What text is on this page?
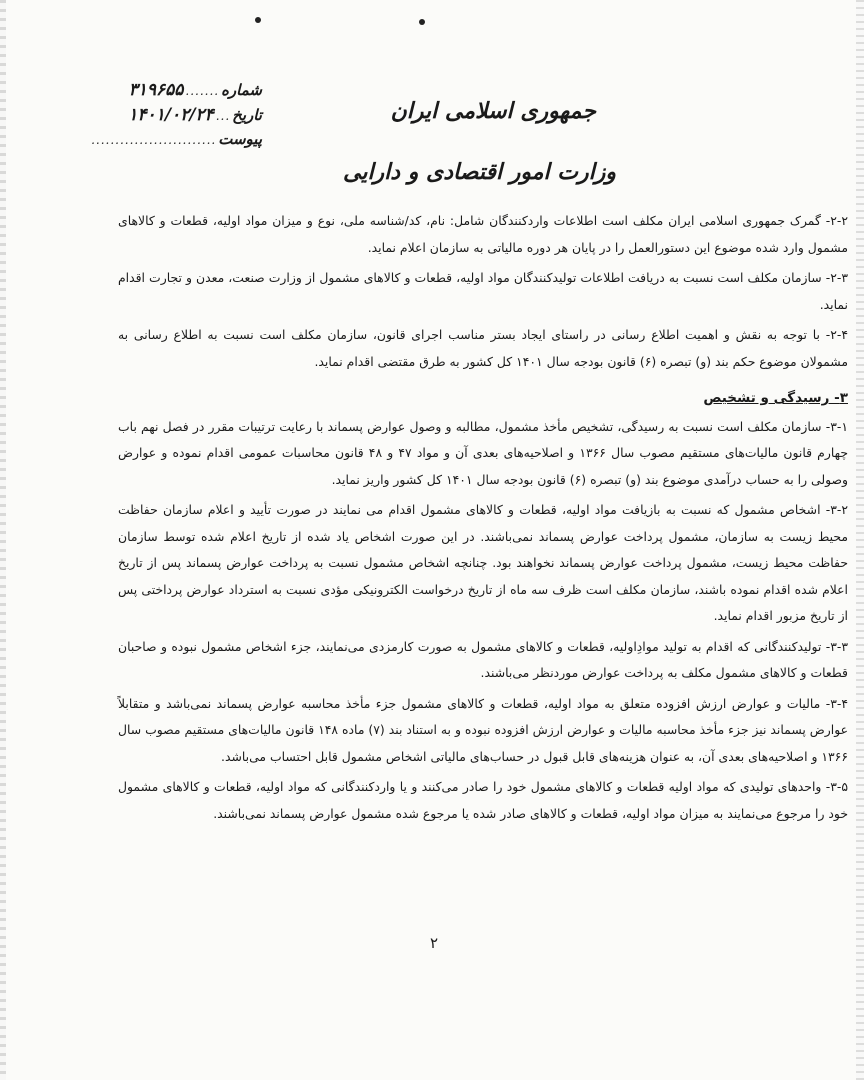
شماره
.......
۳۱۹۶۵۵
تاریخ
...
۱۴۰۱/۰۲/۲۴
پیوست
..........................
جمهوری اسلامی ایران
وزارت امور اقتصادی و دارایی

۲-۲- گمرک جمهوری اسلامی ایران مکلف است اطلاعات واردکنندگان شامل: نام، کد/شناسه ملی، نوع و میزان مواد اولیه، قطعات و کالاهای مشمول وارد شده موضوع این دستورالعمل را در پایان هر دوره مالیاتی به سازمان اعلام نماید.

۲-۳- سازمان مکلف است نسبت به دریافت اطلاعات تولیدکنندگان مواد اولیه، قطعات و کالاهای مشمول از وزارت صنعت، معدن و تجارت اقدام نماید.

۲-۴- با توجه به نقش و اهمیت اطلاع رسانی در راستای ایجاد بستر مناسب اجرای قانون، سازمان مکلف است نسبت به اطلاع رسانی به مشمولان موضوع حکم بند (و) تبصره (۶) قانون بودجه سال ۱۴۰۱ کل کشور به طرق مقتضی اقدام نماید.

۳- رسیدگی و تشخیص

۳-۱- سازمان مکلف است نسبت به رسیدگی، تشخیص مأخذ مشمول، مطالبه و وصول عوارض پسماند با رعایت ترتیبات مقرر در فصل نهم باب چهارم قانون مالیات‌های مستقیم مصوب سال ۱۳۶۶ و اصلاحیه‌های بعدی آن و مواد ۴۷ و ۴۸ قانون محاسبات عمومی اقدام نموده و عوارض وصولی را به حساب درآمدی موضوع بند (و) تبصره (۶) قانون بودجه سال ۱۴۰۱ کل کشور واریز نماید.

۳-۲- اشخاص مشمول که نسبت به بازیافت مواد اولیه، قطعات و کالاهای مشمول اقدام می نمایند در صورت تأیید و اعلام سازمان حفاظت محیط زیست به سازمان، مشمول پرداخت عوارض پسماند نمی‌باشند. در این صورت اشخاص یاد شده از تاریخ اعلام شده توسط سازمان حفاظت محیط زیست، مشمول پرداخت عوارض پسماند نخواهند بود. چنانچه اشخاص مشمول نسبت به پرداخت عوارض پسماند پس از تاریخ اعلام شده اقدام نموده باشند، سازمان مکلف است ظرف سه ماه از تاریخ درخواست الکترونیکی مؤدی نسبت به استرداد عوارض پرداختی پس از تاریخ مزبور اقدام نماید.

۳-۳- تولیدکنندگانی که اقدام به تولید موادِاولیه، قطعات و کالاهای مشمول به صورت کارمزدی می‌نمایند، جزء اشخاص مشمول نبوده و صاحبان قطعات و کالاهای مشمول مکلف به پرداخت عوارض موردنظر می‌باشند.

۳-۴- مالیات و عوارض ارزش افزوده متعلق به مواد اولیه، قطعات و کالاهای مشمول جزء مأخذ محاسبه عوارض پسماند نمی‌باشد و متقابلاً عوارض پسماند نیز جزء مأخذ محاسبه مالیات و عوارض ارزش افزوده نبوده و به استناد بند (۷) ماده ۱۴۸ قانون مالیات‌های مستقیم مصوب سال ۱۳۶۶ و اصلاحیه‌های بعدی آن، به عنوان هزینه‌های قابل قبول در حساب‌های مالیاتی اشخاص مشمول قابل احتساب می‌باشد.

۳-۵- واحدهای تولیدی که مواد اولیه قطعات و کالاهای مشمول خود را صادر می‌کنند و یا واردکنندگانی که مواد اولیه، قطعات و کالاهای مشمول خود را مرجوع می‌نمایند به میزان مواد اولیه، قطعات و کالاهای صادر شده یا مرجوع شده مشمول عوارض پسماند نمی‌باشند.

۲
